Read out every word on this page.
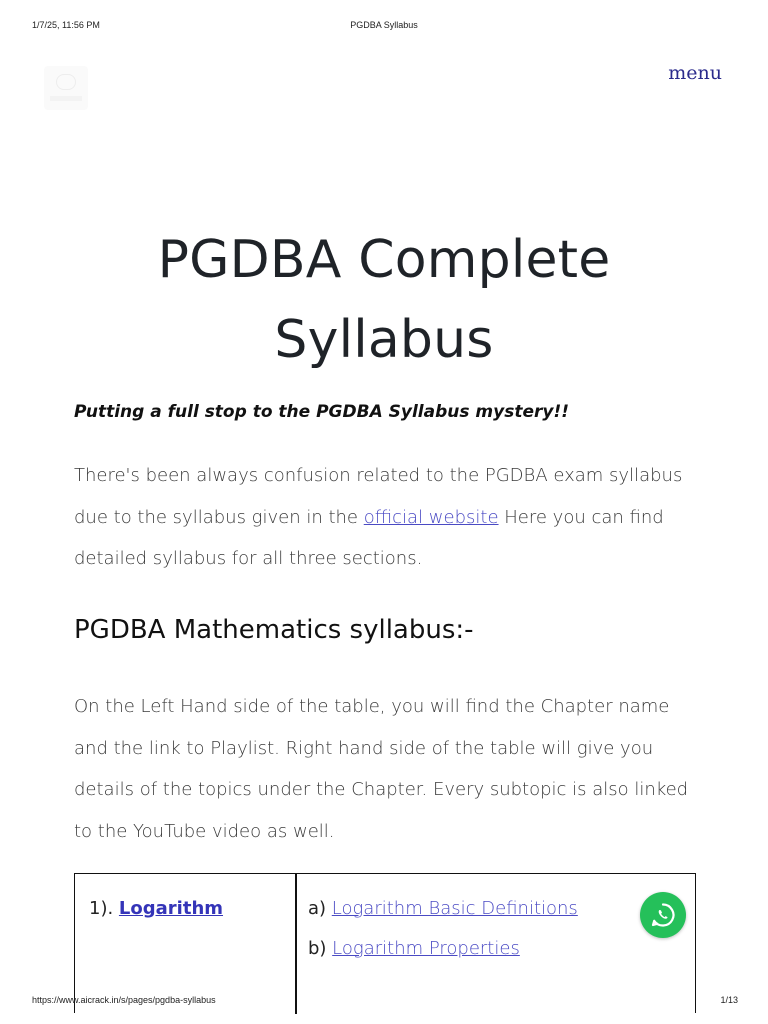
1/7/25, 11:56 PM	PGDBA Syllabus
menu
PGDBA Complete Syllabus

Putting a full stop to the PGDBA Syllabus mystery!!

There's been always confusion related to the PGDBA exam syllabus due to the syllabus given in the official website Here you can find detailed syllabus for all three sections.

PGDBA Mathematics syllabus:-

On the Left Hand side of the table, you will find the Chapter name and the link to Playlist. Right hand side of the table will give you details of the topics under the Chapter. Every subtopic is also linked to the YouTube video as well.

1). Logarithm	a) Logarithm Basic Definitions
b) Logarithm Properties
https://www.aicrack.in/s/pages/pgdba-syllabus	1/13
